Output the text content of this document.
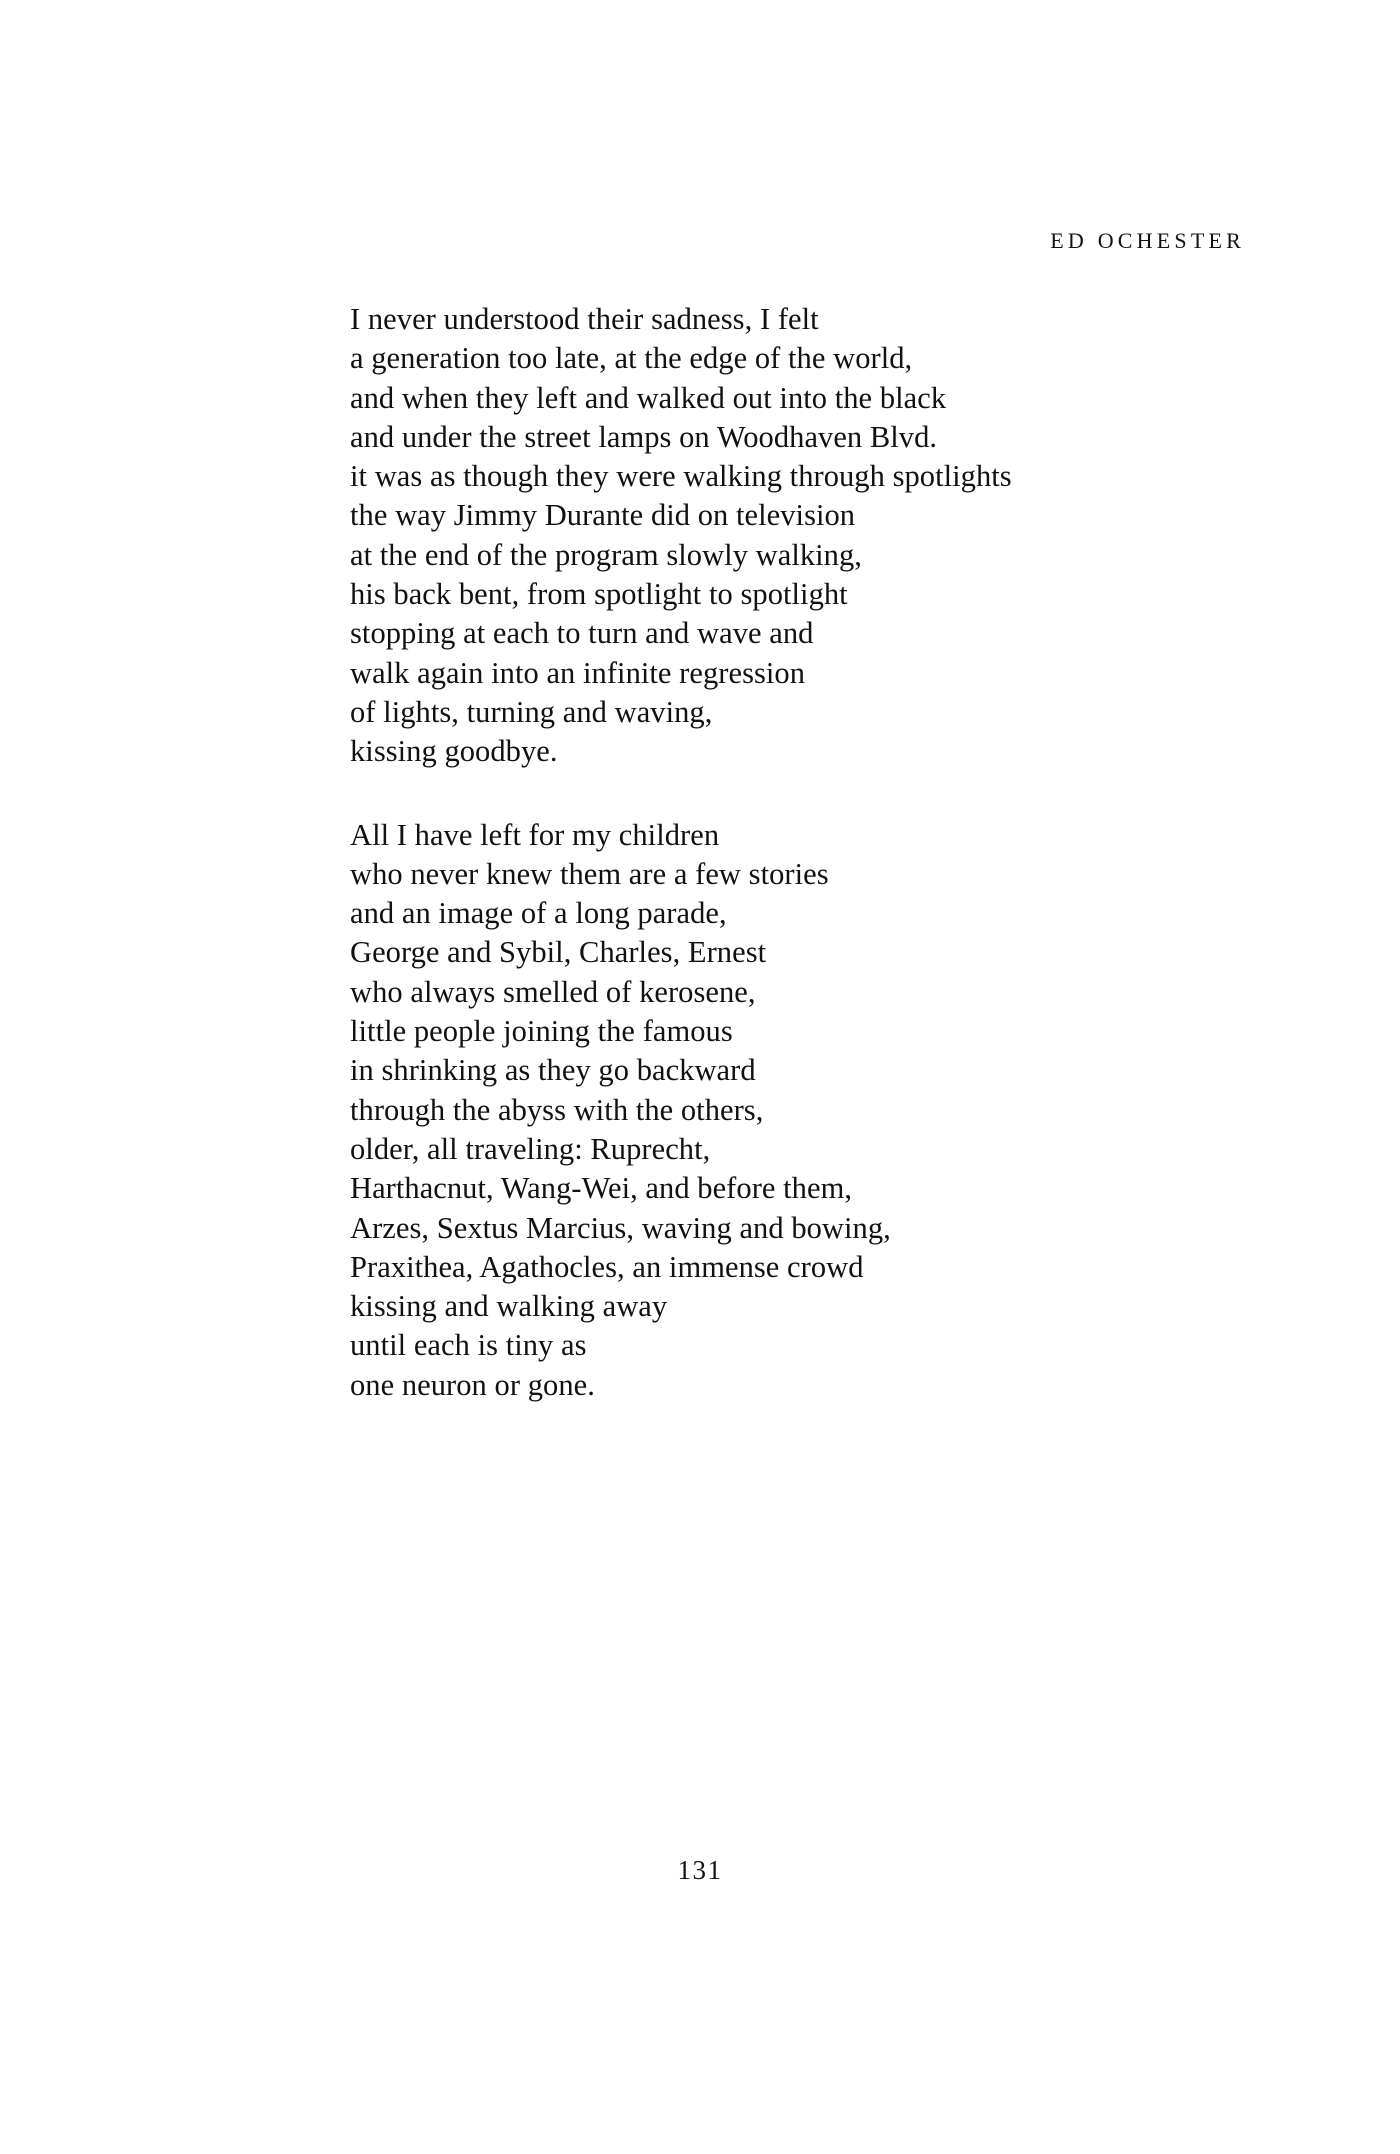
ED OCHESTER
I never understood their sadness, I felt
a generation too late, at the edge of the world,
and when they left and walked out into the black
and under the street lamps on Woodhaven Blvd.
it was as though they were walking through spotlights
the way Jimmy Durante did on television
at the end of the program slowly walking,
his back bent, from spotlight to spotlight
stopping at each to turn and wave and
walk again into an infinite regression
of lights, turning and waving,
kissing goodbye.
All I have left for my children
who never knew them are a few stories
and an image of a long parade,
George and Sybil, Charles, Ernest
who always smelled of kerosene,
little people joining the famous
in shrinking as they go backward
through the abyss with the others,
older, all traveling: Ruprecht,
Harthacnut, Wang-Wei, and before them,
Arzes, Sextus Marcius, waving and bowing,
Praxithea, Agathocles, an immense crowd
kissing and walking away
until each is tiny as
one neuron or gone.
131
